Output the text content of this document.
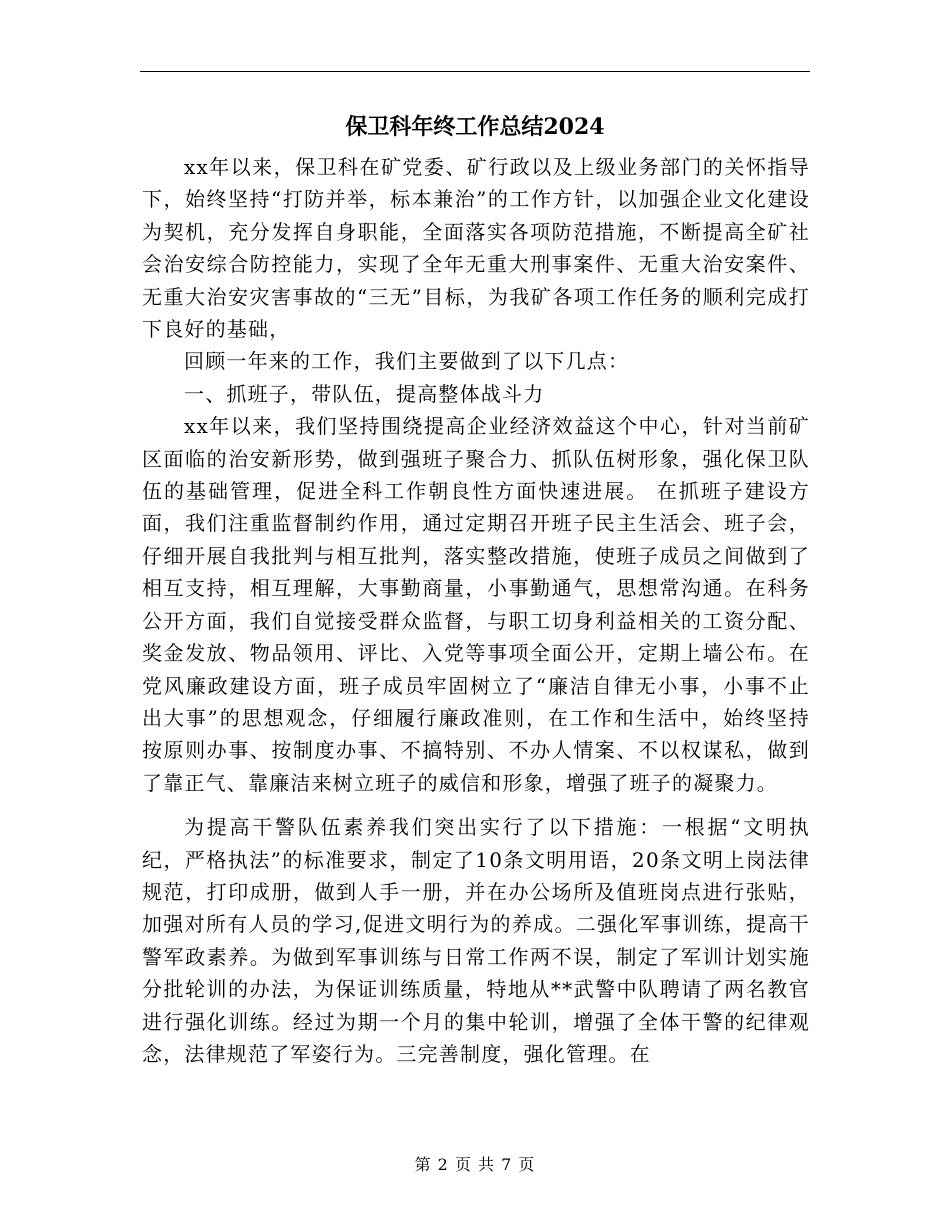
保卫科年终工作总结2024

xx年以来，保卫科在矿党委、矿行政以及上级业务部门的关怀指导下，始终坚持“打防并举，标本兼治”的工作方针，以加强企业文化建设为契机，充分发挥自身职能，全面落实各项防范措施，不断提高全矿社会治安综合防控能力，实现了全年无重大刑事案件、无重大治安案件、无重大治安灾害事故的“三无”目标，为我矿各项工作任务的顺利完成打下良好的基础，

回顾一年来的工作，我们主要做到了以下几点：

一、抓班子，带队伍，提高整体战斗力

xx年以来，我们坚持围绕提高企业经济效益这个中心，针对当前矿区面临的治安新形势，做到强班子聚合力、抓队伍树形象，强化保卫队伍的基础管理，促进全科工作朝良性方面快速进展。 在抓班子建设方面，我们注重监督制约作用，通过定期召开班子民主生活会、班子会，仔细开展自我批判与相互批判，落实整改措施，使班子成员之间做到了相互支持，相互理解，大事勤商量，小事勤通气，思想常沟通。在科务公开方面，我们自觉接受群众监督，与职工切身利益相关的工资分配、奖金发放、物品领用、评比、入党等事项全面公开，定期上墙公布。在党风廉政建设方面，班子成员牢固树立了“廉洁自律无小事，小事不止出大事”的思想观念，仔细履行廉政准则，在工作和生活中，始终坚持按原则办事、按制度办事、不搞特别、不办人情案、不以权谋私，做到了靠正气、靠廉洁来树立班子的威信和形象，增强了班子的凝聚力。

为提高干警队伍素养我们突出实行了以下措施：一根据“文明执纪，严格执法”的标准要求，制定了10条文明用语，20条文明上岗法律规范，打印成册，做到人手一册，并在办公场所及值班岗点进行张贴，加强对所有人员的学习,促进文明行为的养成。二强化军事训练，提高干警军政素养。为做到军事训练与日常工作两不误，制定了军训计划实施分批轮训的办法，为保证训练质量，特地从**武警中队聘请了两名教官进行强化训练。经过为期一个月的集中轮训，增强了全体干警的纪律观念，法律规范了军姿行为。三完善制度，强化管理。在

第 2 页 共 7 页
